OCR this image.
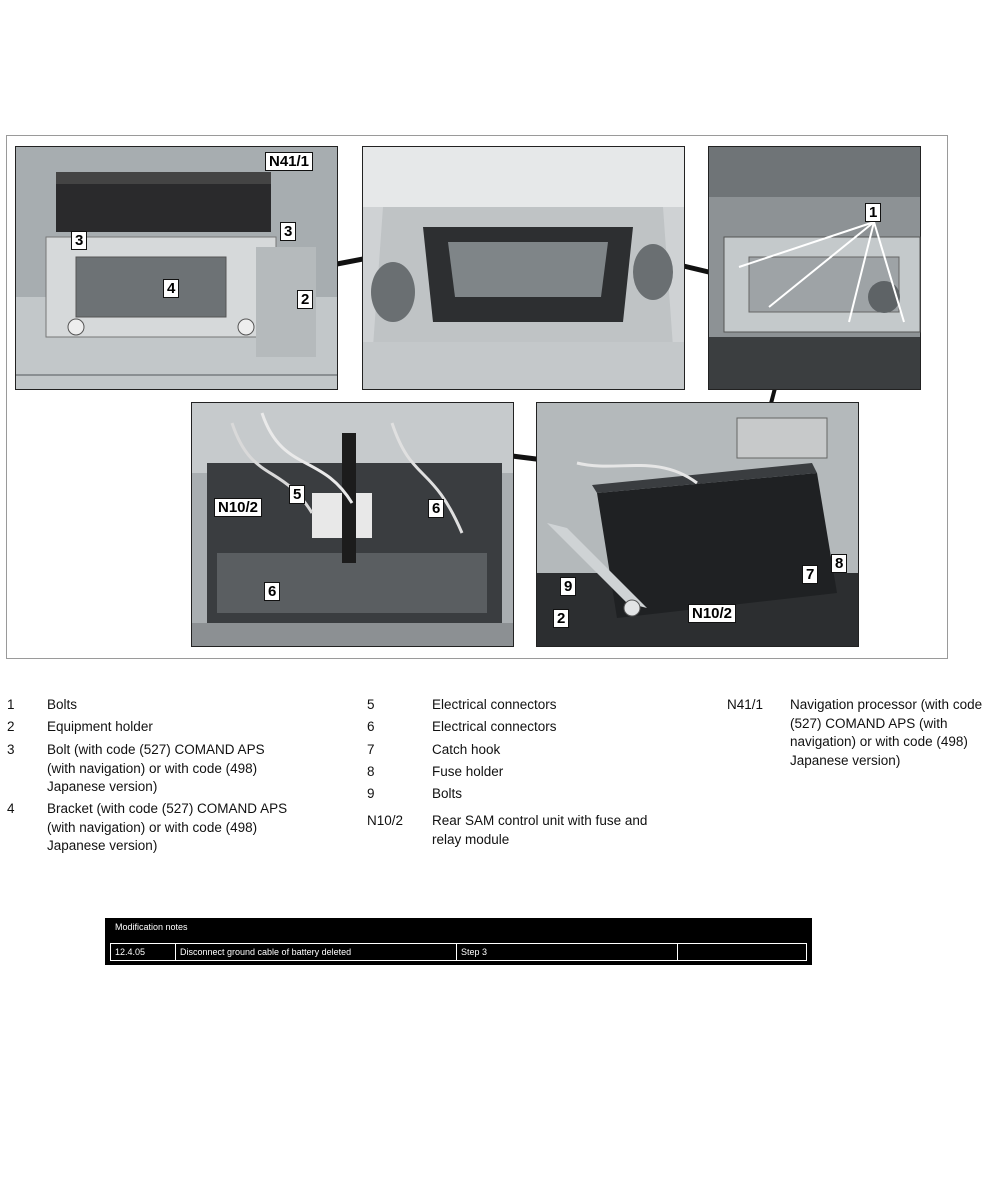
N41/1
3
3
4
2
1
5
N10/2	6
6	9
2	N10/2
7
8
1 Bolts
2 Equipment holder
3 Bolt (with code (527) COMAND APS (with navigation) or with code (498) Japanese version)
4 Bracket (with code (527) COMAND APS (with navigation) or with code (498) Japanese version)
5	Electrical connectors
6	Electrical connectors
7	Catch hook
8	Fuse holder
9	Bolts
N10/2 Rear SAM control unit with fuse and relay module
N41/1 Navigation processor (with code (527) COMAND APS (with navigation) or with code (498) Japanese version)
Modification notes
12.4.05	Disconnect ground cable of battery deleted	Step 3	
